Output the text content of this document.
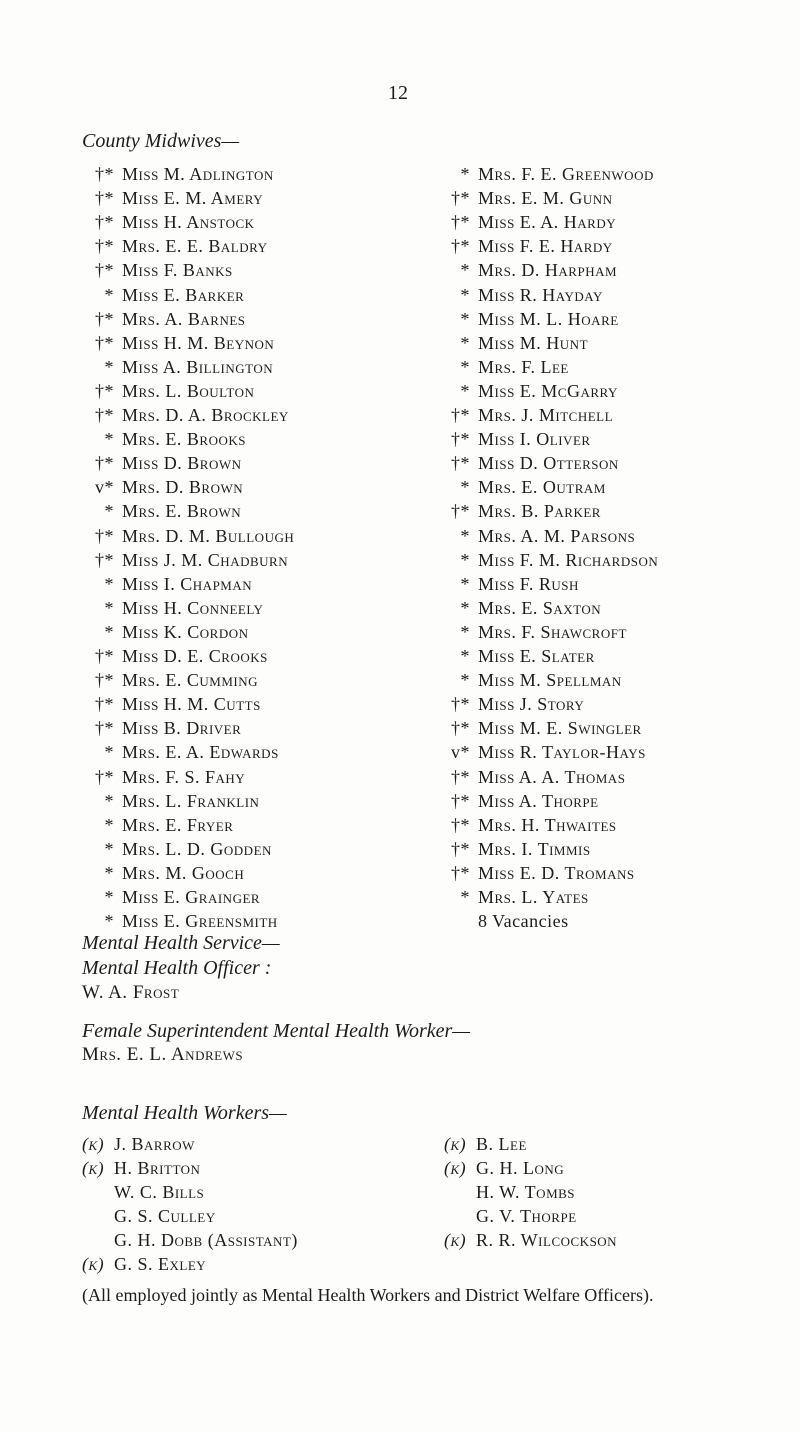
12
County Midwives—
†* Miss M. Adlington
†* Miss E. M. Amery
†* Miss H. Anstock
†* Mrs. E. E. Baldry
†* Miss F. Banks
* Miss E. Barker
†* Mrs. A. Barnes
†* Miss H. M. Beynon
* Miss A. Billington
†* Mrs. L. Boulton
†* Mrs. D. A. Brockley
* Mrs. E. Brooks
†* Miss D. Brown
v* Mrs. D. Brown
* Mrs. E. Brown
†* Mrs. D. M. Bullough
†* Miss J. M. Chadburn
* Miss I. Chapman
* Miss H. Conneely
* Miss K. Cordon
†* Miss D. E. Crooks
†* Mrs. E. Cumming
†* Miss H. M. Cutts
†* Miss B. Driver
* Mrs. E. A. Edwards
†* Mrs. F. S. Fahy
* Mrs. L. Franklin
* Mrs. E. Fryer
* Mrs. L. D. Godden
* Mrs. M. Gooch
* Miss E. Grainger
* Miss E. Greensmith
* Mrs. F. E. Greenwood
†* Mrs. E. M. Gunn
†* Miss E. A. Hardy
†* Miss F. E. Hardy
* Mrs. D. Harpham
* Miss R. Hayday
* Miss M. L. Hoare
* Miss M. Hunt
* Mrs. F. Lee
* Miss E. McGarry
†* Mrs. J. Mitchell
†* Miss I. Oliver
†* Miss D. Otterson
* Mrs. E. Outram
†* Mrs. B. Parker
* Mrs. A. M. Parsons
* Miss F. M. Richardson
* Miss F. Rush
* Mrs. E. Saxton
* Mrs. F. Shawcroft
* Miss E. Slater
* Miss M. Spellman
†* Miss J. Story
†* Miss M. E. Swingler
v* Miss R. Taylor-Hays
†* Miss A. A. Thomas
†* Miss A. Thorpe
†* Mrs. H. Thwaites
†* Mrs. I. Timmis
†* Miss E. D. Tromans
* Mrs. L. Yates
8 Vacancies
Mental Health Service—
Mental Health Officer :
W. A. Frost
Female Superintendent Mental Health Worker—
Mrs. E. L. Andrews
Mental Health Workers—
(k) J. Barrow
(k) H. Britton
W. C. Bills
G. S. Culley
G. H. Dobb (Assistant)
(k) G. S. Exley
(k) B. Lee
(k) G. H. Long
H. W. Tombs
G. V. Thorpe
(k) R. R. Wilcockson
(All employed jointly as Mental Health Workers and District Welfare Officers).
